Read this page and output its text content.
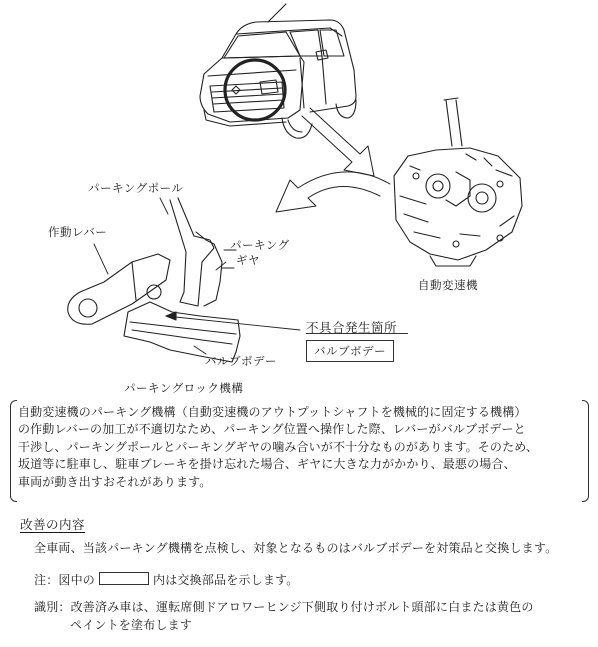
パーキングポール
作動レバー
パーキング
ギヤ
バルブボデー
パーキングロック機構
自動変速機
不具合発生箇所
バルブボデー

自動変速機のパーキング機構（自動変速機のアウトプットシャフトを機械的に固定する機構）

の作動レバーの加工が不適切なため、パーキング位置へ操作した際、レバーがバルブボデーと

干渉し、パーキングポールとパーキングギヤの噛み合いが不十分なものがあります。そのため、

坂道等に駐車し、駐車ブレーキを掛け忘れた場合、ギヤに大きな力がかかり、最悪の場合、

車両が動き出すおそれがあります。

改善の内容
全車両、当該パーキング機構を点検し、対象となるものはバルブボデーを対策品と交換します。
注：図中の	内は交換部品を示します。
識別：改善済み車は、運転席側ドアロワーヒンジ下側取り付けボルト頭部に白または黄色の
ペイントを塗布します
